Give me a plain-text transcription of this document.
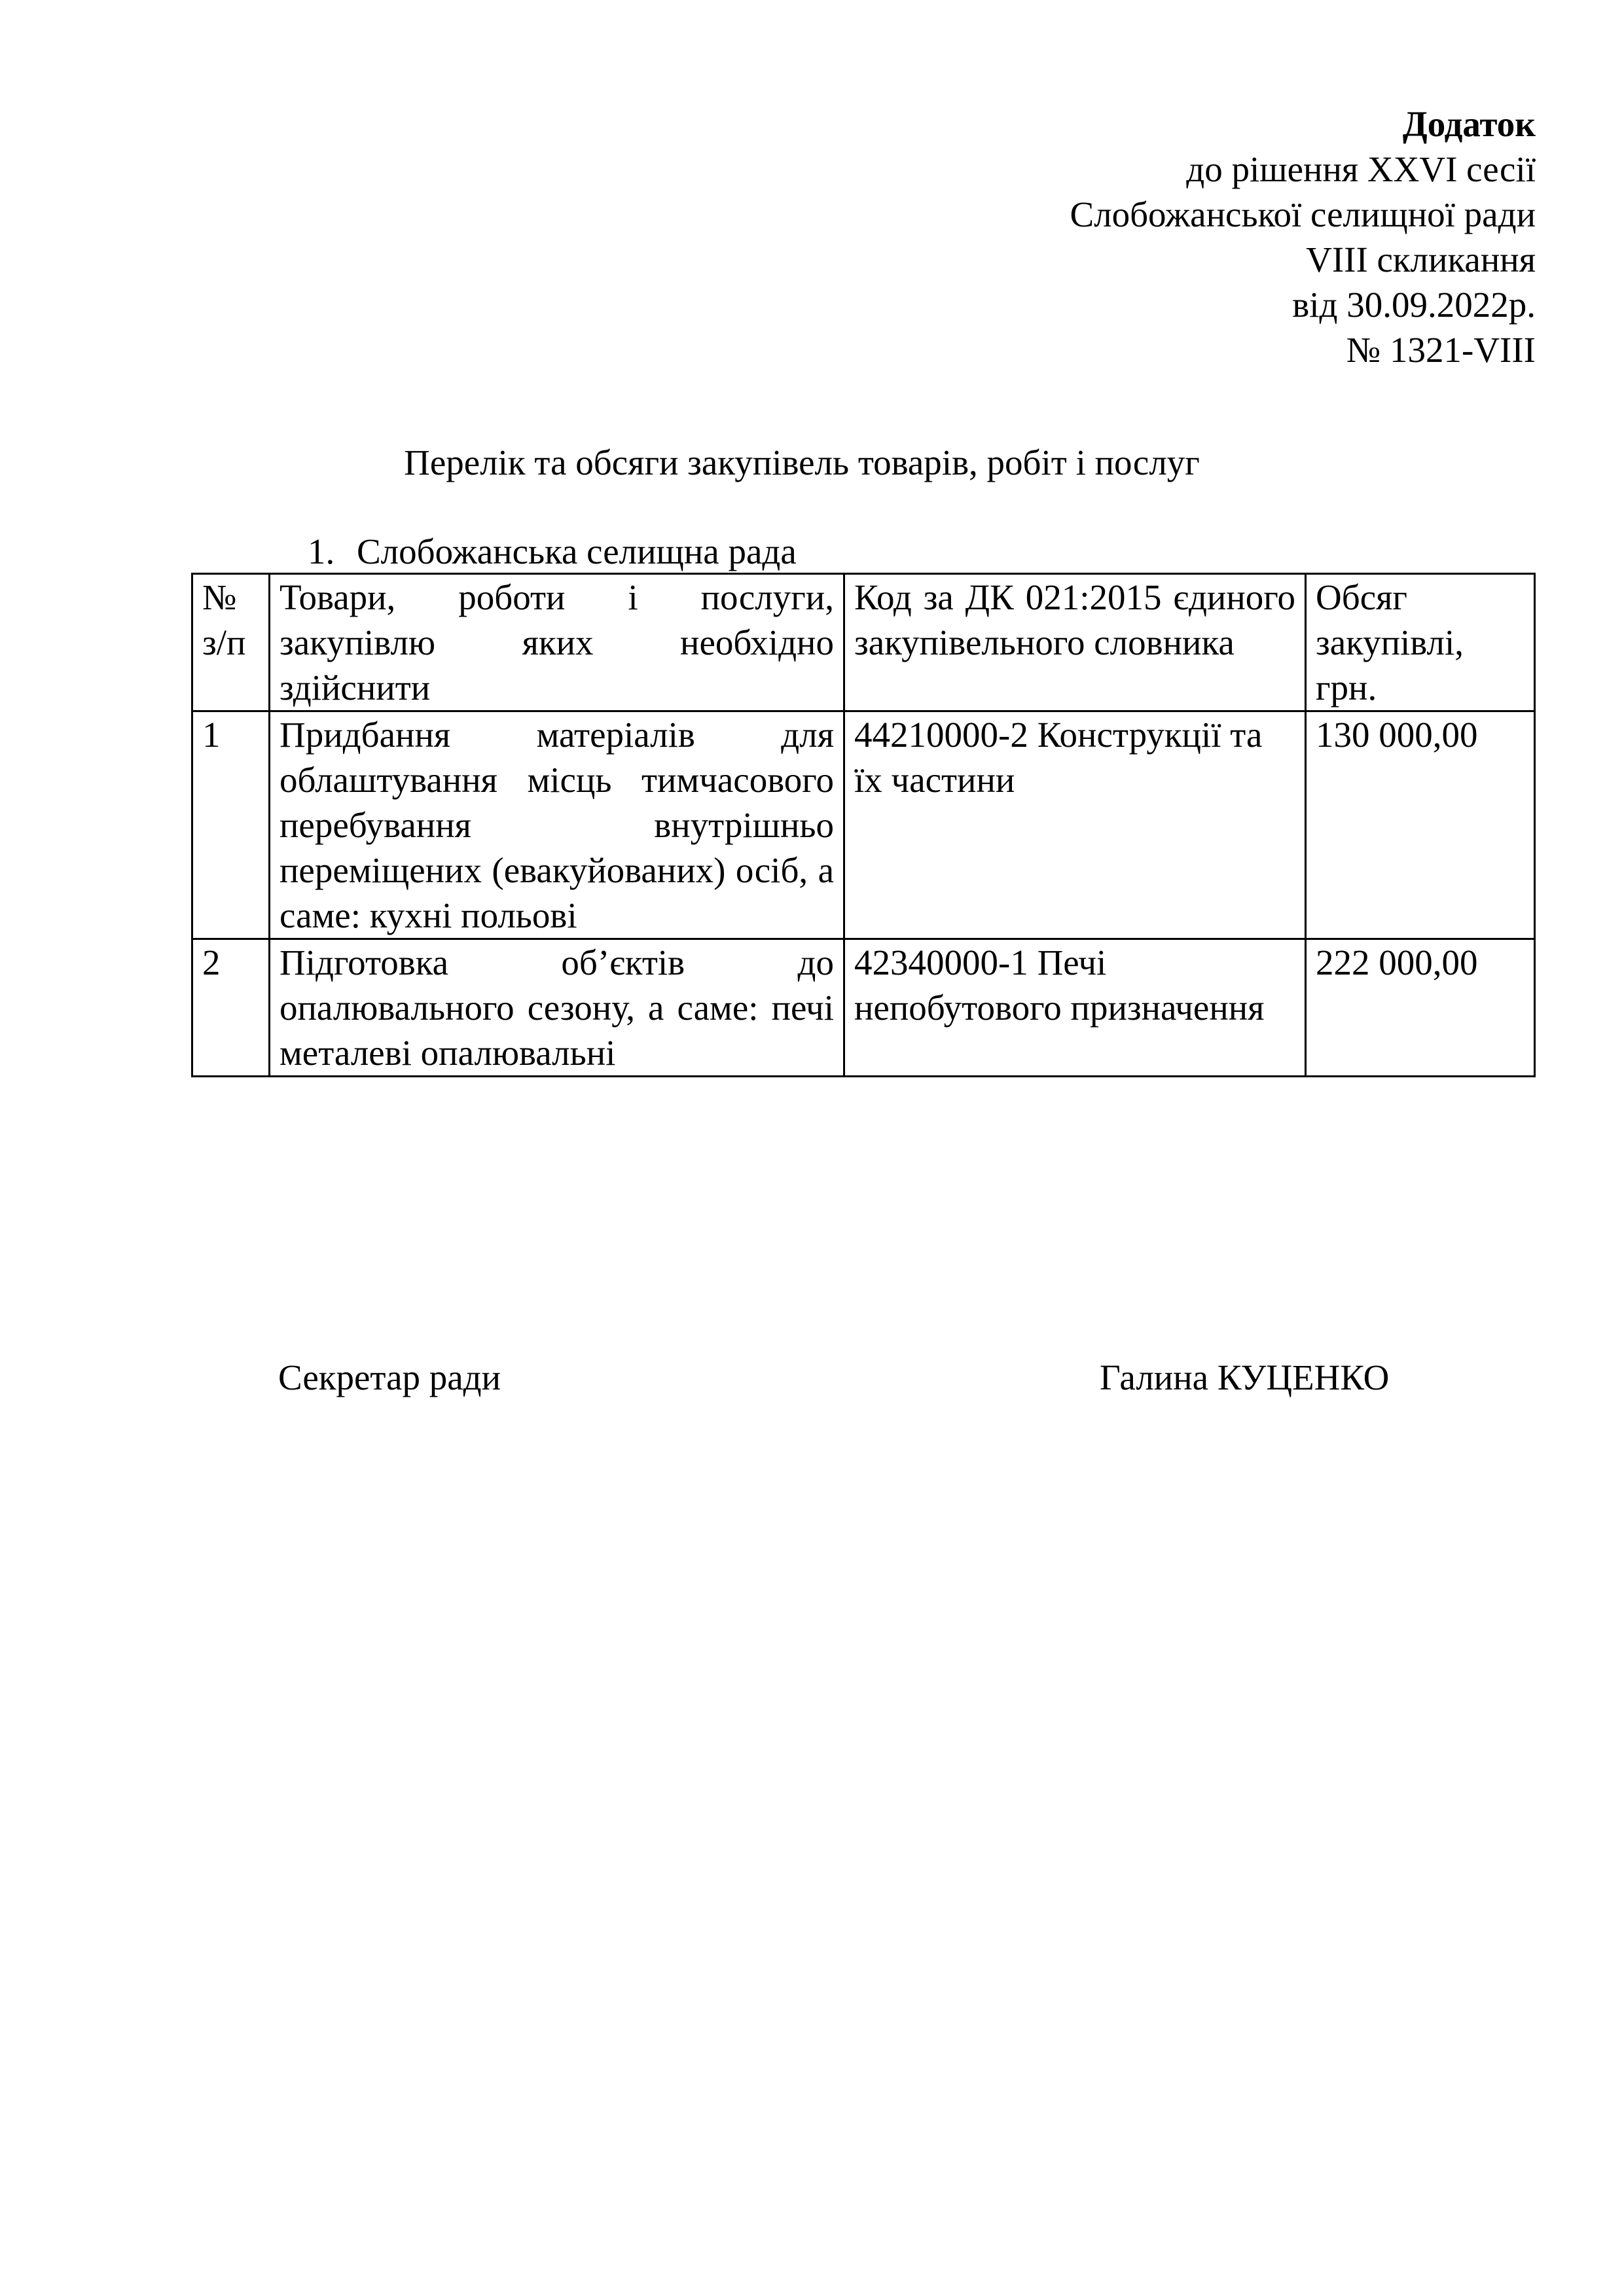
Додаток
до рішення XXVI сесії
Слобожанської селищної ради
VIII скликання
від 30.09.2022р.
№ 1321-VIII
Перелік та обсяги закупівель товарів, робіт і послуг
1. Слобожанська селищна рада
№ з/п	Товари, роботи і послуги, закупівлю яких необхідно здійснити	Код за ДК 021:2015 єдиного закупівельного словника	Обсяг закупівлі, грн.
1	Придбання матеріалів для облаштування місць тимчасового перебування внутрішньо переміщених (евакуйованих) осіб, а саме: кухні польові	44210000-2 Конструкції та їх частини	130 000,00
2	Підготовка об’єктів до опалювального сезону, а саме: печі металеві опалювальні	42340000-1 Печі непобутового призначення	222 000,00
Секретар ради	Галина КУЦЕНКО
